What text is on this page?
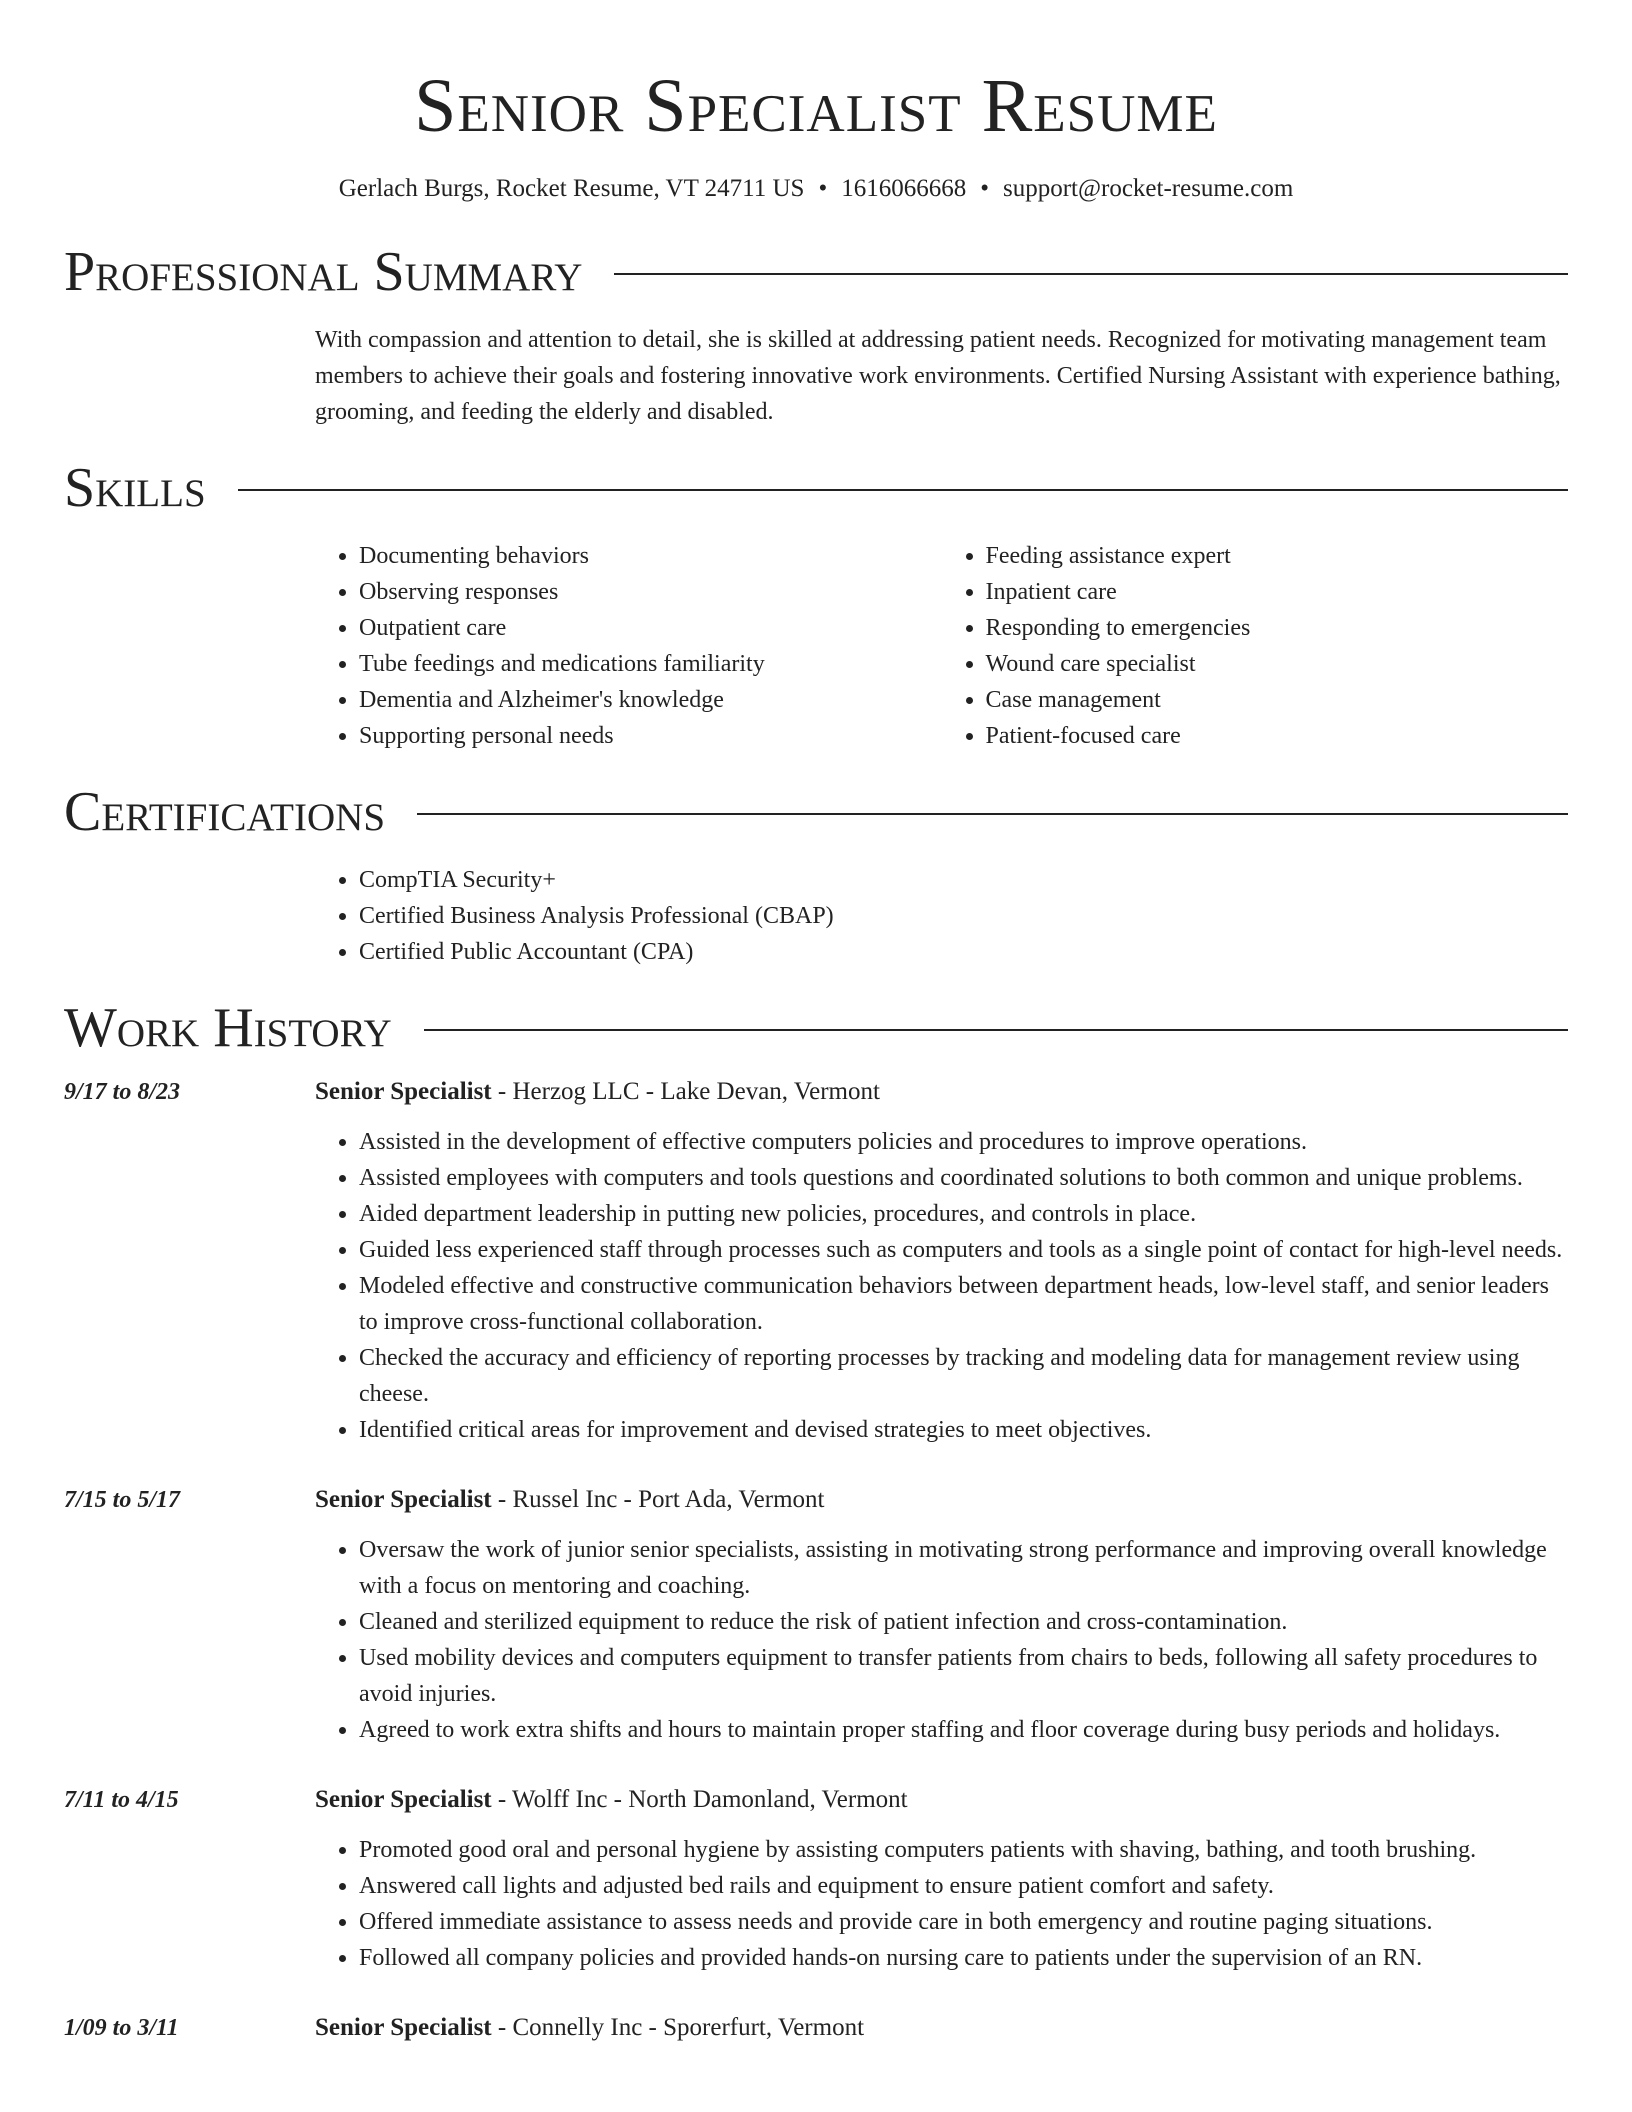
Senior Specialist Resume
Gerlach Burgs, Rocket Resume, VT 24711 US • 1616066668 • support@rocket-resume.com
Professional Summary

With compassion and attention to detail, she is skilled at addressing patient needs. Recognized for motivating management team members to achieve their goals and fostering innovative work environments. Certified Nursing Assistant with experience bathing, grooming, and feeding the elderly and disabled.

Skills
• Documenting behaviors
• Observing responses
• Outpatient care
• Tube feedings and medications familiarity
• Dementia and Alzheimer's knowledge
• Supporting personal needs
• Feeding assistance expert
• Inpatient care
• Responding to emergencies
• Wound care specialist
• Case management
• Patient-focused care
Certifications
• CompTIA Security+
• Certified Business Analysis Professional (CBAP)
• Certified Public Accountant (CPA)
Work History
9/17 to 8/23	Senior Specialist - Herzog LLC - Lake Devan, Vermont
• Assisted in the development of effective computers policies and procedures to improve operations.
• Assisted employees with computers and tools questions and coordinated solutions to both common and unique problems.
• Aided department leadership in putting new policies, procedures, and controls in place.
• Guided less experienced staff through processes such as computers and tools as a single point of contact for high-level needs.
• Modeled effective and constructive communication behaviors between department heads, low-level staff, and senior leaders to improve cross-functional collaboration.
• Checked the accuracy and efficiency of reporting processes by tracking and modeling data for management review using cheese.
• Identified critical areas for improvement and devised strategies to meet objectives.
7/15 to 5/17	Senior Specialist - Russel Inc - Port Ada, Vermont
• Oversaw the work of junior senior specialists, assisting in motivating strong performance and improving overall knowledge with a focus on mentoring and coaching.
• Cleaned and sterilized equipment to reduce the risk of patient infection and cross-contamination.
• Used mobility devices and computers equipment to transfer patients from chairs to beds, following all safety procedures to avoid injuries.
• Agreed to work extra shifts and hours to maintain proper staffing and floor coverage during busy periods and holidays.
7/11 to 4/15	Senior Specialist - Wolff Inc - North Damonland, Vermont
• Promoted good oral and personal hygiene by assisting computers patients with shaving, bathing, and tooth brushing.
• Answered call lights and adjusted bed rails and equipment to ensure patient comfort and safety.
• Offered immediate assistance to assess needs and provide care in both emergency and routine paging situations.
• Followed all company policies and provided hands-on nursing care to patients under the supervision of an RN.
1/09 to 3/11	Senior Specialist - Connelly Inc - Sporerfurt, Vermont
